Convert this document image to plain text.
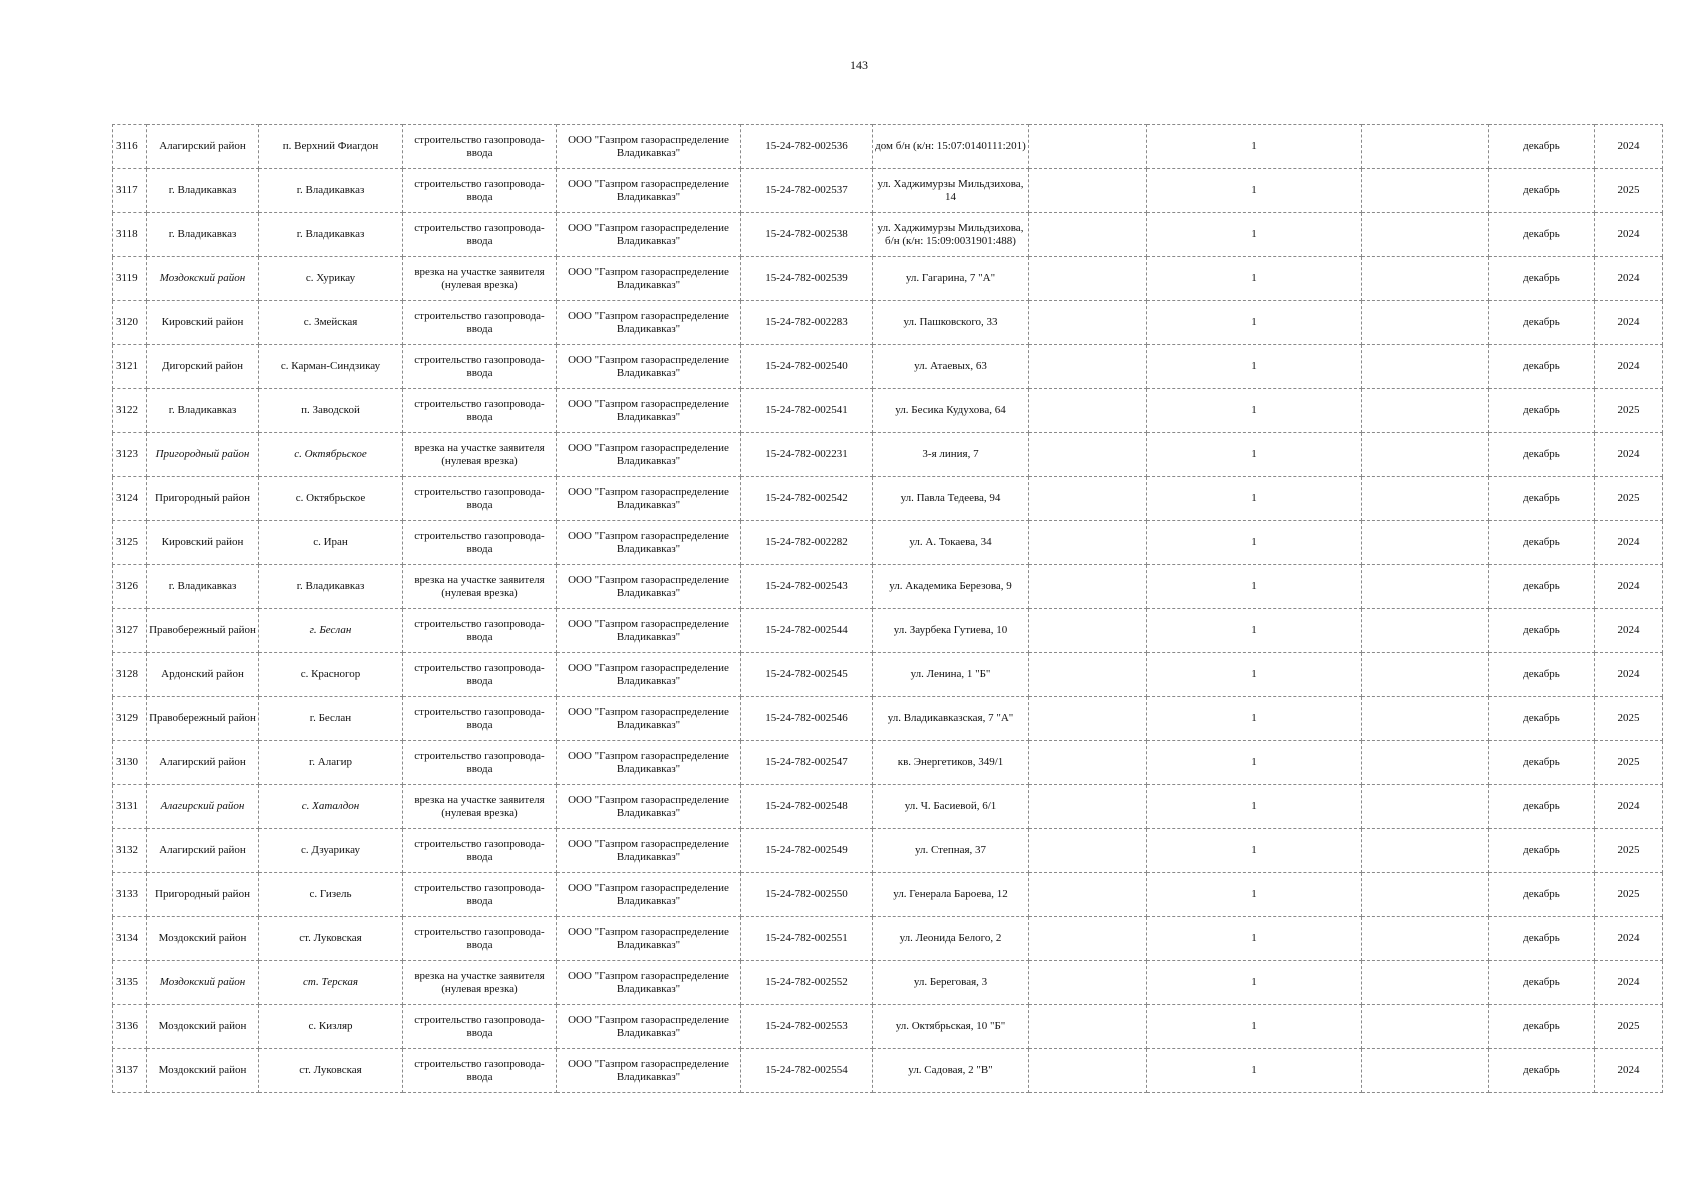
143
3116	Алагирский район	п. Верхний Фиагдон	строительство газопровода-ввода	ООО "Газпром газораспределение Владикавказ"	15-24-782-002536	дом б/н (к/н: 15:07:0140111:201)		1		декабрь	2024
3117	г. Владикавказ	г. Владикавказ	строительство газопровода-ввода	ООО "Газпром газораспределение Владикавказ"	15-24-782-002537	ул. Хаджимурзы Мильдзихова, 14		1		декабрь	2025
3118	г. Владикавказ	г. Владикавказ	строительство газопровода-ввода	ООО "Газпром газораспределение Владикавказ"	15-24-782-002538	ул. Хаджимурзы Мильдзихова, б/н (к/н: 15:09:0031901:488)		1		декабрь	2024
3119	Моздокский район	с. Хурикау	врезка на участке заявителя (нулевая врезка)	ООО "Газпром газораспределение Владикавказ"	15-24-782-002539	ул. Гагарина, 7 "А"		1		декабрь	2024
3120	Кировский район	с. Змейская	строительство газопровода-ввода	ООО "Газпром газораспределение Владикавказ"	15-24-782-002283	ул. Пашковского, 33		1		декабрь	2024
3121	Дигорский район	с. Карман-Синдзикау	строительство газопровода-ввода	ООО "Газпром газораспределение Владикавказ"	15-24-782-002540	ул. Атаевых, 63		1		декабрь	2024
3122	г. Владикавказ	п. Заводской	строительство газопровода-ввода	ООО "Газпром газораспределение Владикавказ"	15-24-782-002541	ул. Бесика Кудухова, 64		1		декабрь	2025
3123	Пригородный район	с. Октябрьское	врезка на участке заявителя (нулевая врезка)	ООО "Газпром газораспределение Владикавказ"	15-24-782-002231	3-я линия, 7		1		декабрь	2024
3124	Пригородный район	с. Октябрьское	строительство газопровода-ввода	ООО "Газпром газораспределение Владикавказ"	15-24-782-002542	ул. Павла Тедеева, 94		1		декабрь	2025
3125	Кировский район	с. Иран	строительство газопровода-ввода	ООО "Газпром газораспределение Владикавказ"	15-24-782-002282	ул. А. Токаева, 34		1		декабрь	2024
3126	г. Владикавказ	г. Владикавказ	врезка на участке заявителя (нулевая врезка)	ООО "Газпром газораспределение Владикавказ"	15-24-782-002543	ул. Академика Березова, 9		1		декабрь	2024
3127	Правобережный район	г. Беслан	строительство газопровода-ввода	ООО "Газпром газораспределение Владикавказ"	15-24-782-002544	ул. Заурбека Гутиева, 10		1		декабрь	2024
3128	Ардонский район	с. Красногор	строительство газопровода-ввода	ООО "Газпром газораспределение Владикавказ"	15-24-782-002545	ул. Ленина, 1 "Б"		1		декабрь	2024
3129	Правобережный район	г. Беслан	строительство газопровода-ввода	ООО "Газпром газораспределение Владикавказ"	15-24-782-002546	ул. Владикавказская, 7 "А"		1		декабрь	2025
3130	Алагирский район	г. Алагир	строительство газопровода-ввода	ООО "Газпром газораспределение Владикавказ"	15-24-782-002547	кв. Энергетиков, 349/1		1		декабрь	2025
3131	Алагирский район	с. Хаталдон	врезка на участке заявителя (нулевая врезка)	ООО "Газпром газораспределение Владикавказ"	15-24-782-002548	ул. Ч. Басиевой, 6/1		1		декабрь	2024
3132	Алагирский район	с. Дзуарикау	строительство газопровода-ввода	ООО "Газпром газораспределение Владикавказ"	15-24-782-002549	ул. Степная, 37		1		декабрь	2025
3133	Пригородный район	с. Гизель	строительство газопровода-ввода	ООО "Газпром газораспределение Владикавказ"	15-24-782-002550	ул. Генерала Бароева, 12		1		декабрь	2025
3134	Моздокский район	ст. Луковская	строительство газопровода-ввода	ООО "Газпром газораспределение Владикавказ"	15-24-782-002551	ул. Леонида Белого, 2		1		декабрь	2024
3135	Моздокский район	ст. Терская	врезка на участке заявителя (нулевая врезка)	ООО "Газпром газораспределение Владикавказ"	15-24-782-002552	ул. Береговая, 3		1		декабрь	2024
3136	Моздокский район	с. Кизляр	строительство газопровода-ввода	ООО "Газпром газораспределение Владикавказ"	15-24-782-002553	ул. Октябрьская, 10 "Б"		1		декабрь	2025
3137	Моздокский район	ст. Луковская	строительство газопровода-ввода	ООО "Газпром газораспределение Владикавказ"	15-24-782-002554	ул. Садовая, 2 "В"		1		декабрь	2024
